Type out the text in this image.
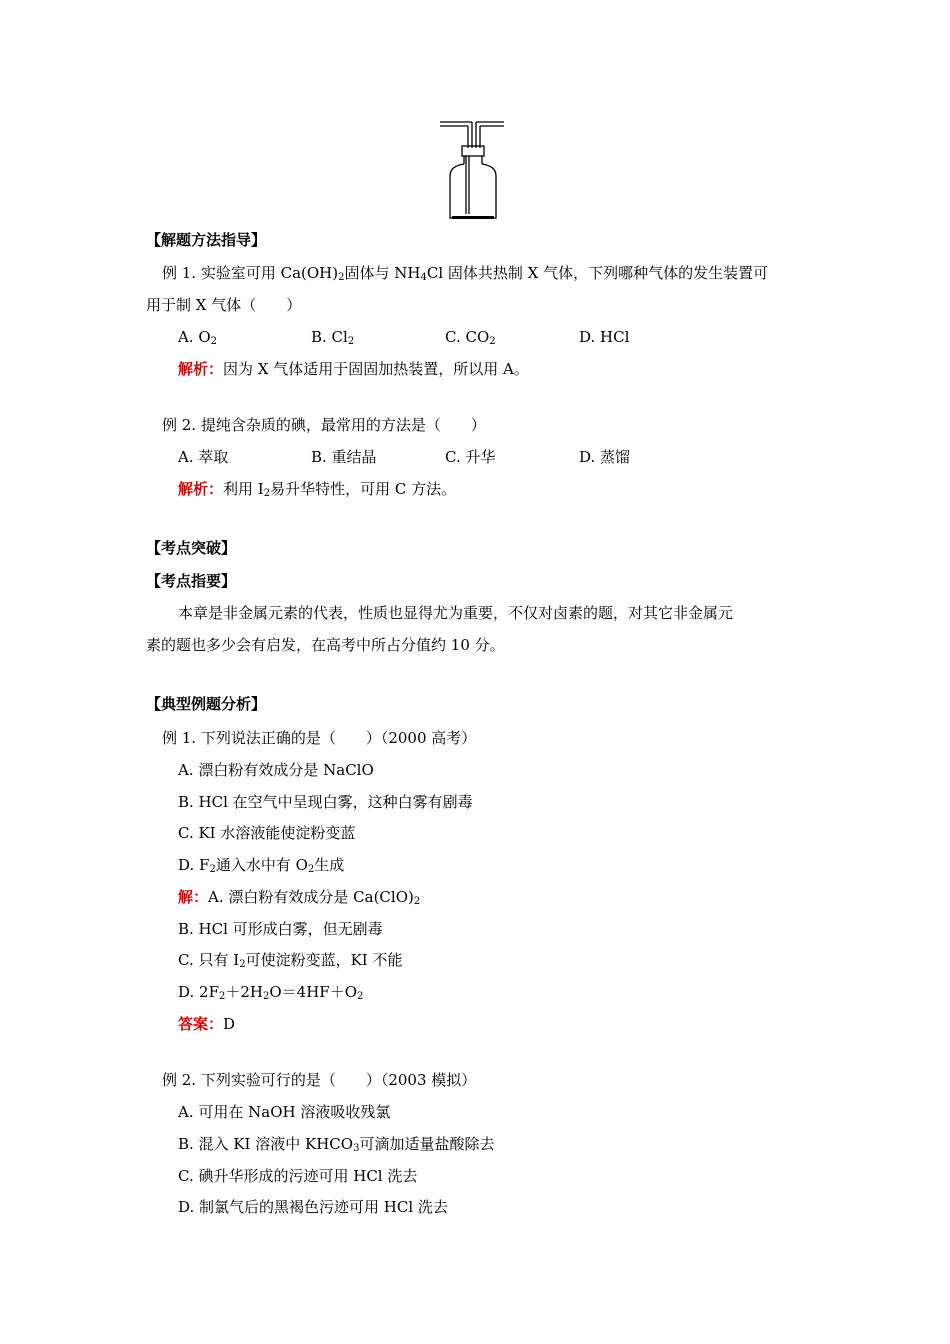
【解题方法指导】
例 1. 实验室可用 $Ca(OH)_2$固体与 $NH_4Cl$ 固体共热制 X 气体，下列哪种气体的发生装置可
用于制 X 气体（　　）
A. $O_2$	B. $Cl_2$	C. $CO_2$	D. HCl
解析：因为 X 气体适用于固固加热装置，所以用 A。
例 2. 提纯含杂质的碘，最常用的方法是（　　）
A. 萃取	B. 重结晶	C. 升华	D. 蒸馏
解析：利用 $I_2$易升华特性，可用 C 方法。
【考点突破】
【考点指要】
本章是非金属元素的代表，性质也显得尤为重要，不仅对卤素的题，对其它非金属元
素的题也多少会有启发，在高考中所占分值约 10 分。
【典型例题分析】
例 1. 下列说法正确的是（　　）（2000 高考）
A. 漂白粉有效成分是 NaClO
B. HCl 在空气中呈现白雾，这种白雾有剧毒
C. KI 水溶液能使淀粉变蓝
D. $F_2$通入水中有 $O_2$生成
解：A. 漂白粉有效成分是 $Ca(ClO)_2$
B. HCl 可形成白雾，但无剧毒
C. 只有 $I_2$可使淀粉变蓝，KI 不能
D. $2F_2+2H_2O=4HF+O_2$
答案：D
例 2. 下列实验可行的是（　　）（2003 模拟）
A. 可用在 NaOH 溶液吸收残氯
B. 混入 KI 溶液中 $KHCO_3$可滴加适量盐酸除去
C. 碘升华形成的污迹可用 HCl 洗去
D. 制氯气后的黑褐色污迹可用 HCl 洗去
